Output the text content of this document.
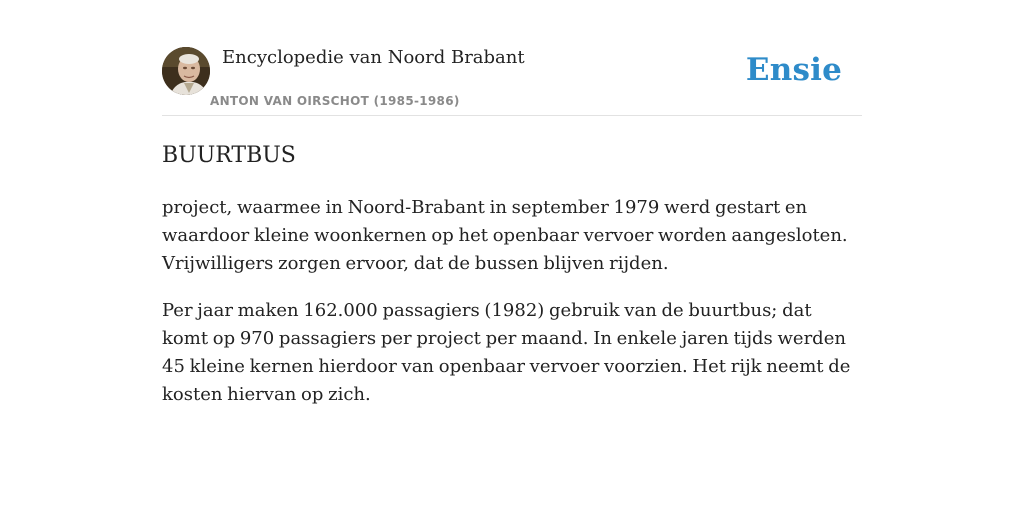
Encyclopedie van Noord Brabant
ANTON VAN OIRSCHOT (1985-1986)
Ensie
BUURTBUS

project, waarmee in Noord-Brabant in september 1979 werd gestart en waardoor kleine woonkernen op het openbaar vervoer worden aangesloten. Vrijwilligers zorgen ervoor, dat de bussen blijven rijden.

Per jaar maken 162.000 passagiers (1982) gebruik van de buurtbus; dat komt op 970 passagiers per project per maand. In enkele jaren tijds werden 45 kleine kernen hierdoor van openbaar vervoer voorzien. Het rijk neemt de kosten hiervan op zich.
